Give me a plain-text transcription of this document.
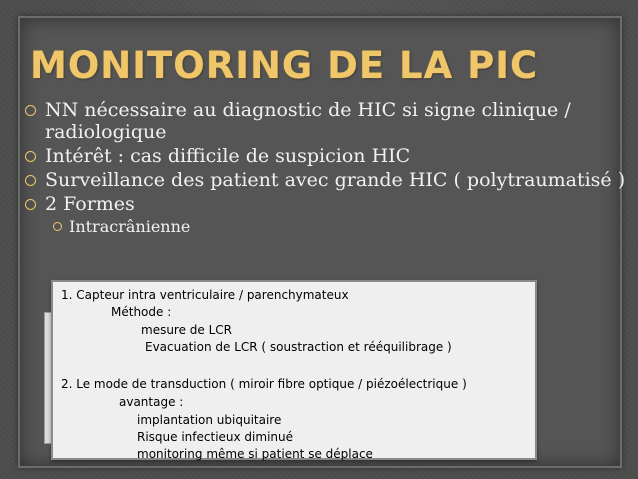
MONITORING DE LA PIC
NN nécessaire au diagnostic de HIC si signe clinique / radiologique
Intérêt : cas difficile de suspicion HIC
Surveillance des patient avec grande HIC ( polytraumatisé )
2 Formes
Intracrânienne
1. Capteur intra ventriculaire / parenchymateux
Méthode :
mesure de LCR
Evacuation de LCR ( soustraction et rééquilibrage )
2. Le mode de transduction ( miroir fibre optique / piézoélectrique )
avantage :
implantation ubiquitaire
Risque infectieux diminué
monitoring même si patient se déplace
